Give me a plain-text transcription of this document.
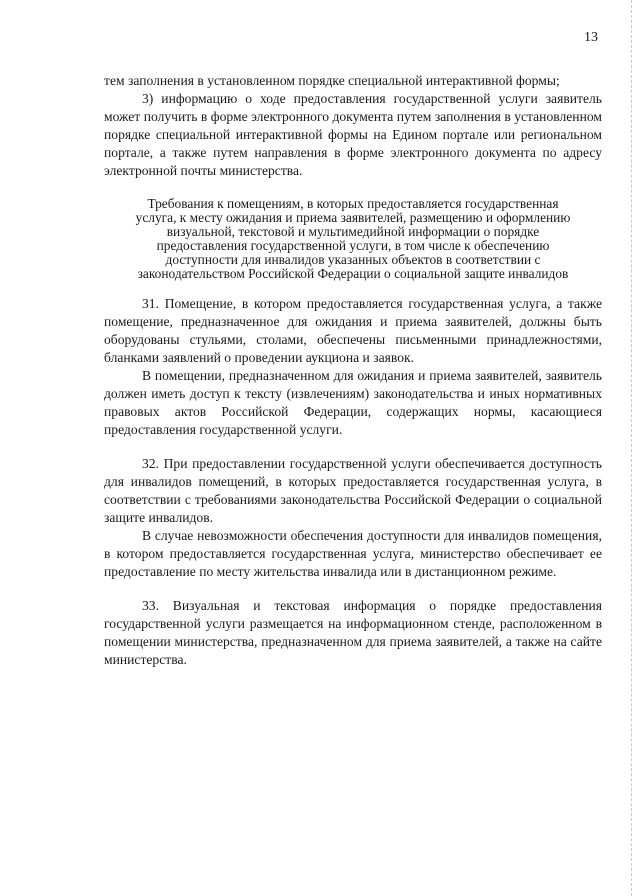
13

тем заполнения в установленном порядке специальной интерактивной формы;

3) информацию о ходе предоставления государственной услуги заявитель может получить в форме электронного документа путем заполнения в установленном порядке специальной интерактивной формы на Едином портале или региональном портале, а также путем направления в форме электронного документа по адресу электронной почты министерства.

Требования к помещениям, в которых предоставляется государственная услуга, к месту ожидания и приема заявителей, размещению и оформлению визуальной, текстовой и мультимедийной информации о порядке предоставления государственной услуги, в том числе к обеспечению доступности для инвалидов указанных объектов в соответствии с законодательством Российской Федерации о социальной защите инвалидов

31. Помещение, в котором предоставляется государственная услуга, а также помещение, предназначенное для ожидания и приема заявителей, должны быть оборудованы стульями, столами, обеспечены письменными принадлежностями, бланками заявлений о проведении аукциона и заявок.

В помещении, предназначенном для ожидания и приема заявителей, заявитель должен иметь доступ к тексту (извлечениям) законодательства и иных нормативных правовых актов Российской Федерации, содержащих нормы, касающиеся предоставления государственной услуги.

32. При предоставлении государственной услуги обеспечивается доступность для инвалидов помещений, в которых предоставляется государственная услуга, в соответствии с требованиями законодательства Российской Федерации о социальной защите инвалидов.

В случае невозможности обеспечения доступности для инвалидов помещения, в котором предоставляется государственная услуга, министерство обеспечивает ее предоставление по месту жительства инвалида или в дистанционном режиме.

33. Визуальная и текстовая информация о порядке предоставления государственной услуги размещается на информационном стенде, расположенном в помещении министерства, предназначенном для приема заявителей, а также на сайте министерства.
